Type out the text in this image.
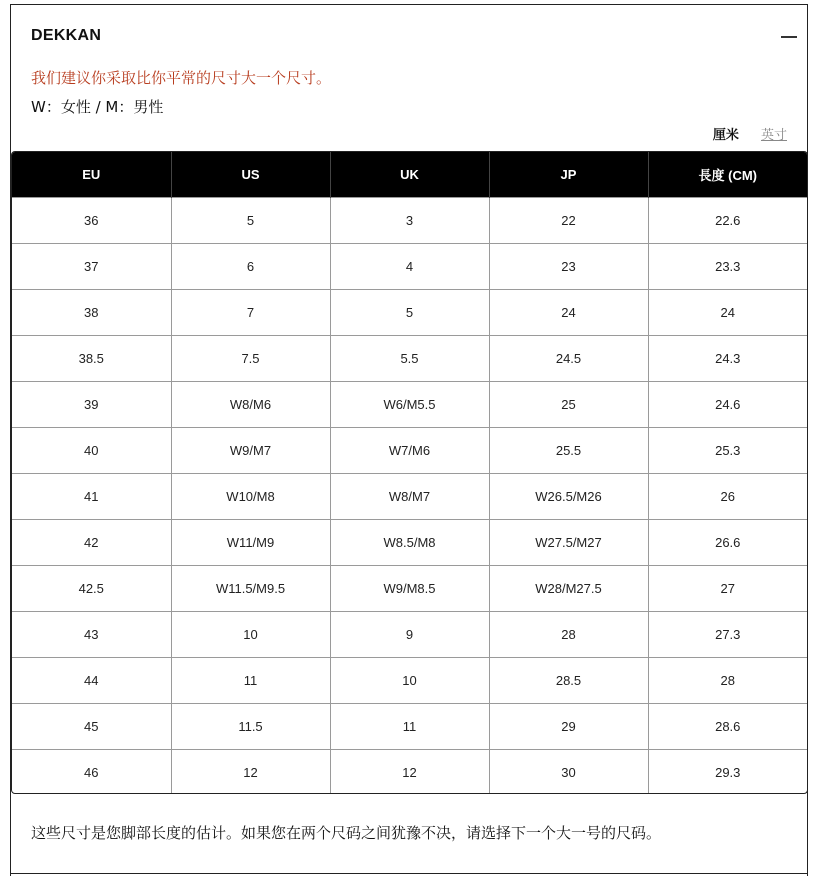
DEKKAN
我们建议你采取比你平常的尺寸大一个尺寸。
W：女性 / M：男性
厘米 英寸
EU	US	UK	JP	長度 (CM)
36	5	3	22	22.6
37	6	4	23	23.3
38	7	5	24	24
38.5	7.5	5.5	24.5	24.3
39	W8/M6	W6/M5.5	25	24.6
40	W9/M7	W7/M6	25.5	25.3
41	W10/M8	W8/M7	W26.5/M26	26
42	W11/M9	W8.5/M8	W27.5/M27	26.6
42.5	W11.5/M9.5	W9/M8.5	W28/M27.5	27
43	10	9	28	27.3
44	11	10	28.5	28
45	11.5	11	29	28.6
46	12	12	30	29.3
这些尺寸是您脚部长度的估计。如果您在两个尺码之间犹豫不决，请选择下一个大一号的尺码。
